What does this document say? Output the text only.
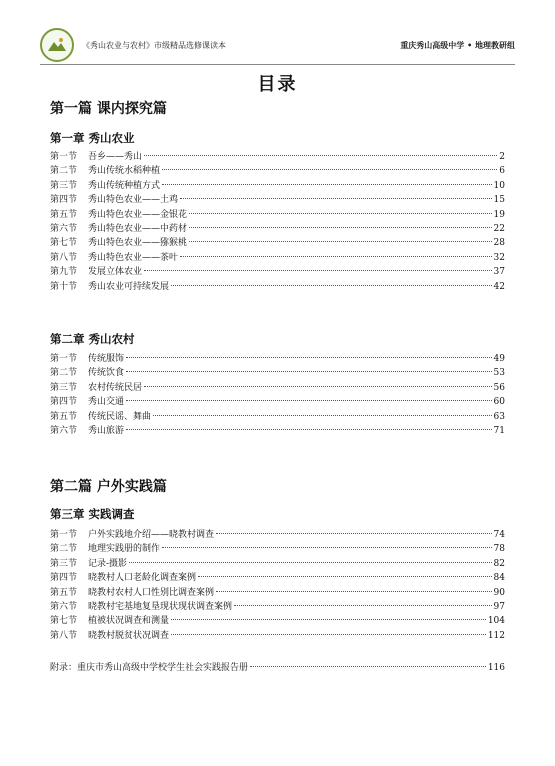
《秀山农业与农村》市级精品选修课读本	重庆秀山高级中学 • 地理教研组
目录
第一篇 课内探究篇
第一章 秀山农业
第一节	吾乡——秀山	2
第二节	秀山传统水稻种植	6
第三节	秀山传统种植方式	10
第四节	秀山特色农业——土鸡	15
第五节	秀山特色农业——金银花	19
第六节	秀山特色农业——中药材	22
第七节	秀山特色农业——猕猴桃	28
第八节	秀山特色农业——茶叶	32
第九节	发展立体农业	37
第十节	秀山农业可持续发展	42
第二章 秀山农村
第一节	传统服饰	49
第二节	传统饮食	53
第三节	农村传统民居	56
第四节	秀山交通	60
第五节	传统民谣、舞曲	63
第六节	秀山旅游	71
第二篇 户外实践篇
第三章 实践调查
第一节	户外实践地介绍——晓教村调查	74
第二节	地理实践册的制作	78
第三节	记录-摄影	82
第四节	晓教村人口老龄化调查案例	84
第五节	晓教村农村人口性别比调查案例	90
第六节	晓教村宅基地复垦现状现状调查案例	97
第七节	植被状况调查和测量	104
第八节	晓教村脱贫状况调查	112
附录： 重庆市秀山高级中学校学生社会实践报告册	116
